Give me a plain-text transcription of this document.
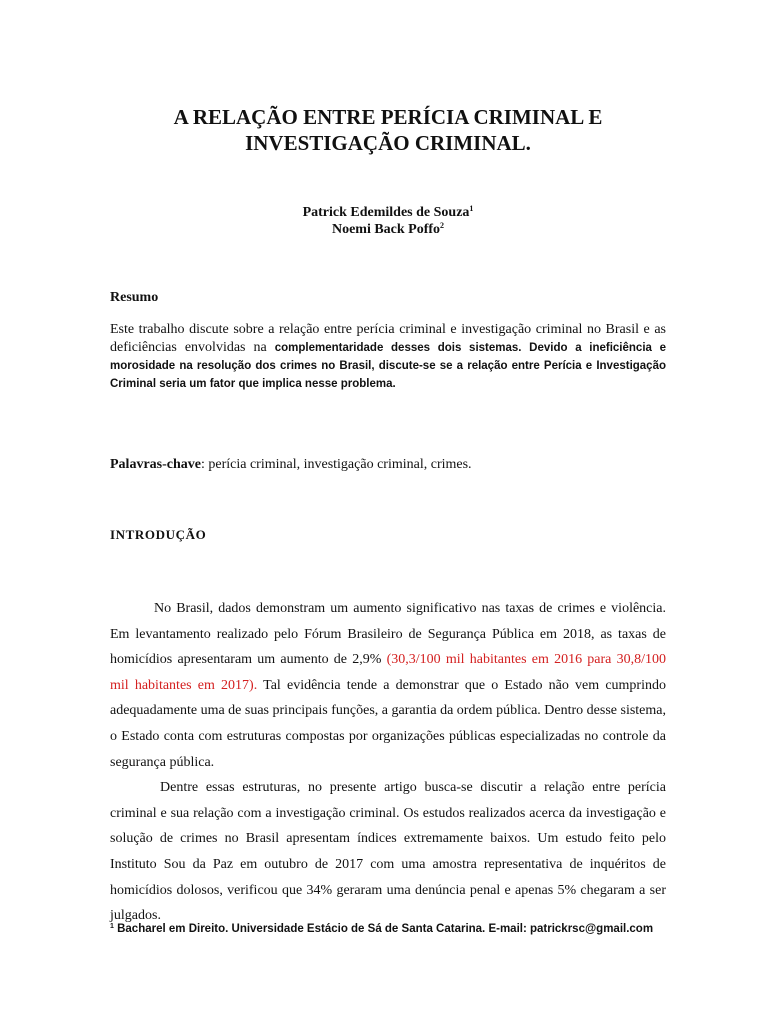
A RELAÇÃO ENTRE PERÍCIA CRIMINAL E
INVESTIGAÇÃO CRIMINAL.
Patrick Edemildes de Souza$^1$
Noemi Back Poffo$^2$
Resumo
Este trabalho discute sobre a relação entre perícia criminal e investigação criminal no Brasil e as deficiências envolvidas na complementaridade desses dois sistemas. Devido a ineficiência e morosidade na resolução dos crimes no Brasil, discute-se se a relação entre Perícia e Investigação Criminal seria um fator que implica nesse problema.
Palavras-chave: perícia criminal, investigação criminal, crimes.
INTRODUÇÃO

No Brasil, dados demonstram um aumento significativo nas taxas de crimes e violência. Em levantamento realizado pelo Fórum Brasileiro de Segurança Pública em 2018, as taxas de homicídios apresentaram um aumento de 2,9% (30,3/100 mil habitantes em 2016 para 30,8/100 mil habitantes em 2017). Tal evidência tende a demonstrar que o Estado não vem cumprindo adequadamente uma de suas principais funções, a garantia da ordem pública. Dentro desse sistema, o Estado conta com estruturas compostas por organizações públicas especializadas no controle da segurança pública.

Dentre essas estruturas, no presente artigo busca-se discutir a relação entre perícia criminal e sua relação com a investigação criminal. Os estudos realizados acerca da investigação e solução de crimes no Brasil apresentam índices extremamente baixos. Um estudo feito pelo Instituto Sou da Paz em outubro de 2017 com uma amostra representativa de inquéritos de homicídios dolosos, verificou que 34% geraram uma denúncia penal e apenas 5% chegaram a ser julgados.

$^1$ Bacharel em Direito. Universidade Estácio de Sá de Santa Catarina. E-mail: patrickrsc@gmail.com
